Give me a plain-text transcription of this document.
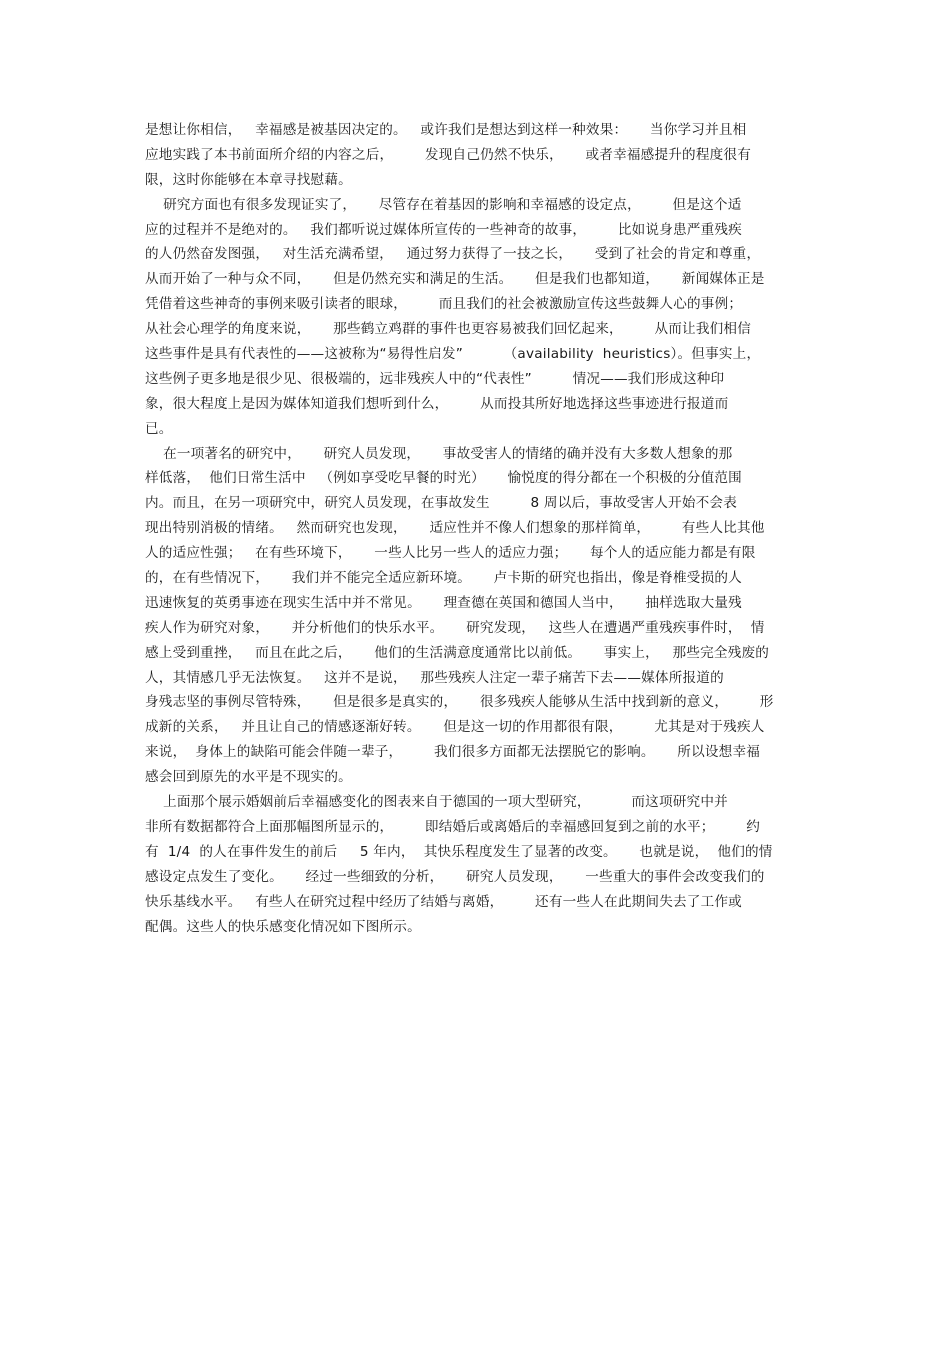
是想让你相信，   幸福感是被基因决定的。   或许我们是想达到这样一种效果：     当你学习并且相
应地实践了本书前面所介绍的内容之后，       发现自己仍然不快乐，     或者幸福感提升的程度很有
限，这时你能够在本章寻找慰藉。
研究方面也有很多发现证实了，     尽管存在着基因的影响和幸福感的设定点，       但是这个适
应的过程并不是绝对的。   我们都听说过媒体所宣传的一些神奇的故事，       比如说身患严重残疾
的人仍然奋发图强，   对生活充满希望，   通过努力获得了一技之长，     受到了社会的肯定和尊重，
从而开始了一种与众不同，     但是仍然充实和满足的生活。     但是我们也都知道，     新闻媒体正是
凭借着这些神奇的事例来吸引读者的眼球，       而且我们的社会被激励宣传这些鼓舞人心的事例；
从社会心理学的角度来说，     那些鹤立鸡群的事件也更容易被我们回忆起来，       从而让我们相信
这些事件是具有代表性的——这被称为“易得性启发”         （availability  heuristics）。但事实上，
这些例子更多地是很少见、很极端的，远非残疾人中的“代表性”         情况——我们形成这种印
象，很大程度上是因为媒体知道我们想听到什么，       从而投其所好地选择这些事迹进行报道而
已。
在一项著名的研究中，     研究人员发现，     事故受害人的情绪的确并没有大多数人想象的那
样低落，  他们日常生活中   （例如享受吃早餐的时光）     愉悦度的得分都在一个积极的分值范围
内。而且，在另一项研究中，研究人员发现，在事故发生         8 周以后，事故受害人开始不会表
现出特别消极的情绪。   然而研究也发现，     适应性并不像人们想象的那样简单，       有些人比其他
人的适应性强；   在有些环境下，     一些人比另一些人的适应力强；     每个人的适应能力都是有限
的，在有些情况下，     我们并不能完全适应新环境。     卢卡斯的研究也指出，像是脊椎受损的人
迅速恢复的英勇事迹在现实生活中并不常见。     理查德在英国和德国人当中，     抽样选取大量残
疾人作为研究对象，     并分析他们的快乐水平。     研究发现，   这些人在遭遇严重残疾事件时，  情
感上受到重挫，   而且在此之后，     他们的生活满意度通常比以前低。     事实上，   那些完全残废的
人，其情感几乎无法恢复。   这并不是说，   那些残疾人注定一辈子痛苦下去——媒体所报道的
身残志坚的事例尽管特殊，     但是很多是真实的，     很多残疾人能够从生活中找到新的意义，       形
成新的关系，   并且让自己的情感逐渐好转。     但是这一切的作用都很有限，       尤其是对于残疾人
来说，  身体上的缺陷可能会伴随一辈子，       我们很多方面都无法摆脱它的影响。     所以设想幸福
感会回到原先的水平是不现实的。
上面那个展示婚姻前后幸福感变化的图表来自于德国的一项大型研究，         而这项研究中并
非所有数据都符合上面那幅图所显示的，       即结婚后或离婚后的幸福感回复到之前的水平；       约
有  1/4  的人在事件发生的前后     5 年内，  其快乐程度发生了显著的改变。     也就是说，  他们的情
感设定点发生了变化。     经过一些细致的分析，     研究人员发现，     一些重大的事件会改变我们的
快乐基线水平。   有些人在研究过程中经历了结婚与离婚，       还有一些人在此期间失去了工作或
配偶。这些人的快乐感变化情况如下图所示。
